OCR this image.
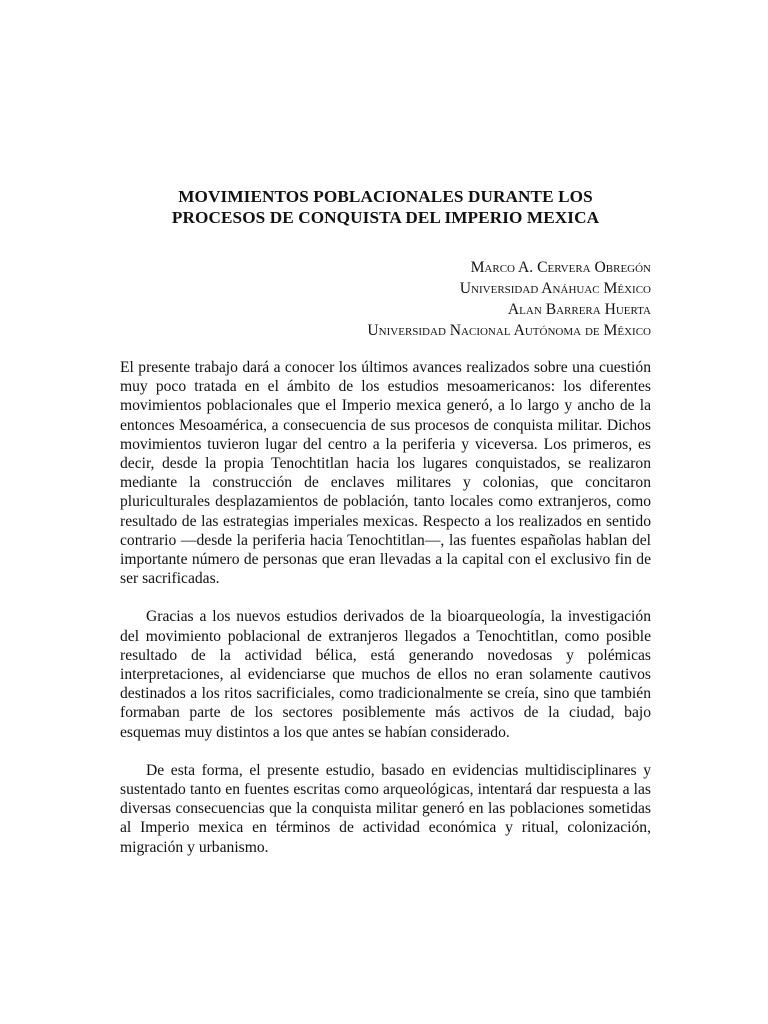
MOVIMIENTOS POBLACIONALES DURANTE LOS
PROCESOS DE CONQUISTA DEL IMPERIO MEXICA
Marco A. Cervera Obregón
Universidad Anáhuac México
Alan Barrera Huerta
Universidad Nacional Autónoma de México

El presente trabajo dará a conocer los últimos avances realizados sobre una cuestión muy poco tratada en el ámbito de los estudios mesoamericanos: los diferentes movimientos poblacionales que el Imperio mexica generó, a lo largo y ancho de la entonces Mesoamérica, a consecuencia de sus procesos de conquista militar. Dichos movimientos tuvieron lugar del centro a la periferia y viceversa. Los primeros, es decir, desde la propia Tenochtitlan hacia los lugares conquistados, se realizaron mediante la construcción de enclaves militares y colonias, que concitaron pluriculturales desplazamientos de población, tanto locales como extranjeros, como resultado de las estrategias imperiales mexicas. Respecto a los realizados en sentido contrario —desde la periferia hacia Tenochtitlan—, las fuentes españolas hablan del importante número de personas que eran llevadas a la capital con el exclusivo fin de ser sacrificadas.

Gracias a los nuevos estudios derivados de la bioarqueología, la investigación del movimiento poblacional de extranjeros llegados a Tenochtitlan, como posible resultado de la actividad bélica, está generando novedosas y polémicas interpretaciones, al evidenciarse que muchos de ellos no eran solamente cautivos destinados a los ritos sacrificiales, como tradicionalmente se creía, sino que también formaban parte de los sectores posiblemente más activos de la ciudad, bajo esquemas muy distintos a los que antes se habían considerado.

De esta forma, el presente estudio, basado en evidencias multidisciplinares y sustentado tanto en fuentes escritas como arqueológicas, intentará dar respuesta a las diversas consecuencias que la conquista militar generó en las poblaciones sometidas al Imperio mexica en términos de actividad económica y ritual, colonización, migración y urbanismo.
